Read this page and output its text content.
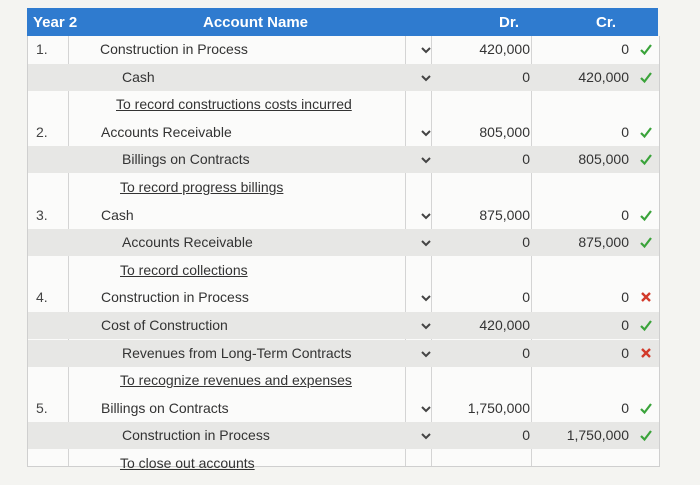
Year 2	Account Name	Dr.	Cr.
1.	Construction in Process	420,000	0
Cash	0	420,000
To record constructions costs incurred
2.	Accounts Receivable	805,000	0
Billings on Contracts	0	805,000
To record progress billings
3.	Cash	875,000	0
Accounts Receivable	0	875,000
To record collections
4.	Construction in Process	0	0
Cost of Construction	420,000	0
Revenues from Long-Term Contracts	0	0
To recognize revenues and expenses
5.	Billings on Contracts	1,750,000	0
Construction in Process	0	1,750,000
To close out accounts
